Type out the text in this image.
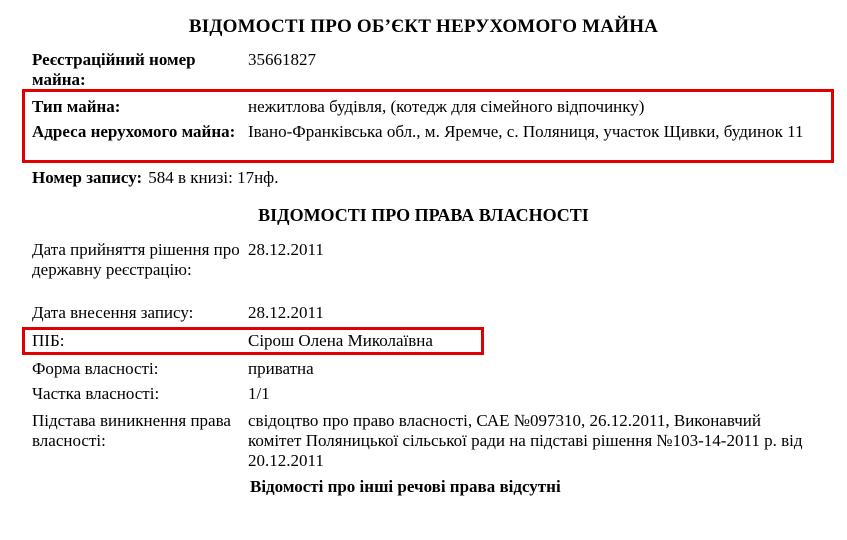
ВІДОМОСТІ ПРО ОБ’ЄКТ НЕРУХОМОГО МАЙНА
Реєстраційний номер майна:
35661827
Тип майна:	нежитлова будівля, (котедж для сімейного відпочинку)
Адреса нерухомого майна: Івано-Франківська обл., м. Яремче, с. Поляниця, участок Щивки, будинок 11
Номер запису: 584 в книзі: 17нф.
ВІДОМОСТІ ПРО ПРАВА ВЛАСНОСТІ
Дата прийняття рішення про державну реєстрацію:
28.12.2011
Дата внесення запису:	28.12.2011
ПІБ:	Сірош Олена Миколаївна
Форма власності:	приватна
Частка власності:	1/1
Підстава виникнення права власності:
свідоцтво про право власності, САЕ №097310, 26.12.2011, Виконавчий комітет Поляницької сільської ради на підставі рішення №103-14-2011 р. від 20.12.2011
Відомості про інші речові права відсутні
